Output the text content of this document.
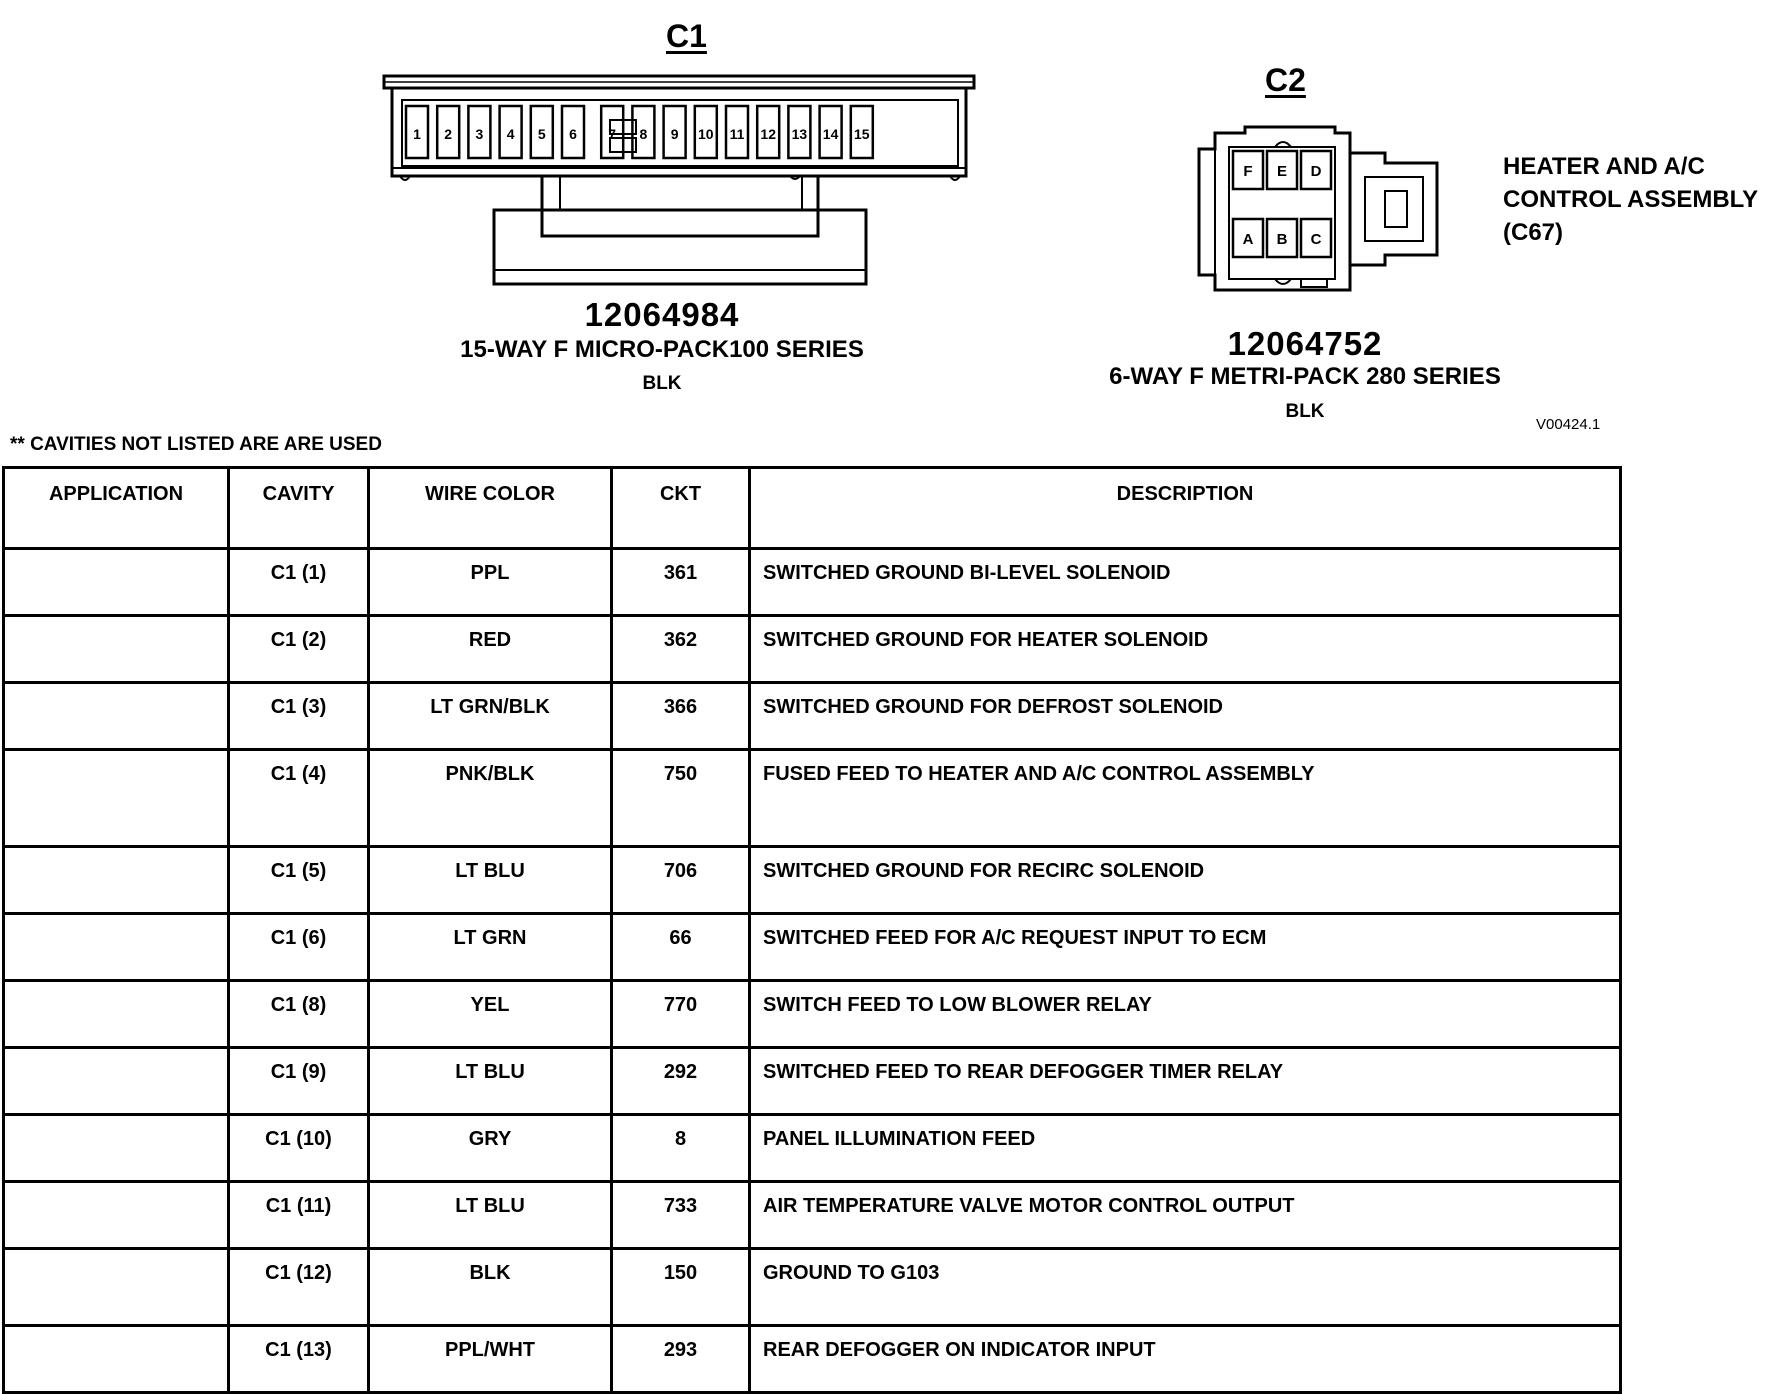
C1
1 2 3 4 5 6 7 8 9 10 11 12 13 14 15
12064984
15-WAY F MICRO-PACK100 SERIES
BLK
C2
F E D
A B C
12064752
6-WAY F METRI-PACK 280 SERIES
BLK
HEATER AND A/C
CONTROL ASSEMBLY
(C67)
V00424.1
** CAVITIES NOT LISTED ARE ARE USED
APPLICATION	CAVITY	WIRE COLOR	CKT	DESCRIPTION
	C1 (1)	PPL	361	SWITCHED GROUND BI-LEVEL SOLENOID
	C1 (2)	RED	362	SWITCHED GROUND FOR HEATER SOLENOID
	C1 (3)	LT GRN/BLK	366	SWITCHED GROUND FOR DEFROST SOLENOID
	C1 (4)	PNK/BLK	750	FUSED FEED TO HEATER AND A/C CONTROL ASSEMBLY
	C1 (5)	LT BLU	706	SWITCHED GROUND FOR RECIRC SOLENOID
	C1 (6)	LT GRN	66	SWITCHED FEED FOR A/C REQUEST INPUT TO ECM
	C1 (8)	YEL	770	SWITCH FEED TO LOW BLOWER RELAY
	C1 (9)	LT BLU	292	SWITCHED FEED TO REAR DEFOGGER TIMER RELAY
	C1 (10)	GRY	8	PANEL ILLUMINATION FEED
	C1 (11)	LT BLU	733	AIR TEMPERATURE VALVE MOTOR CONTROL OUTPUT
	C1 (12)	BLK	150	GROUND TO G103
	C1 (13)	PPL/WHT	293	REAR DEFOGGER ON INDICATOR INPUT
